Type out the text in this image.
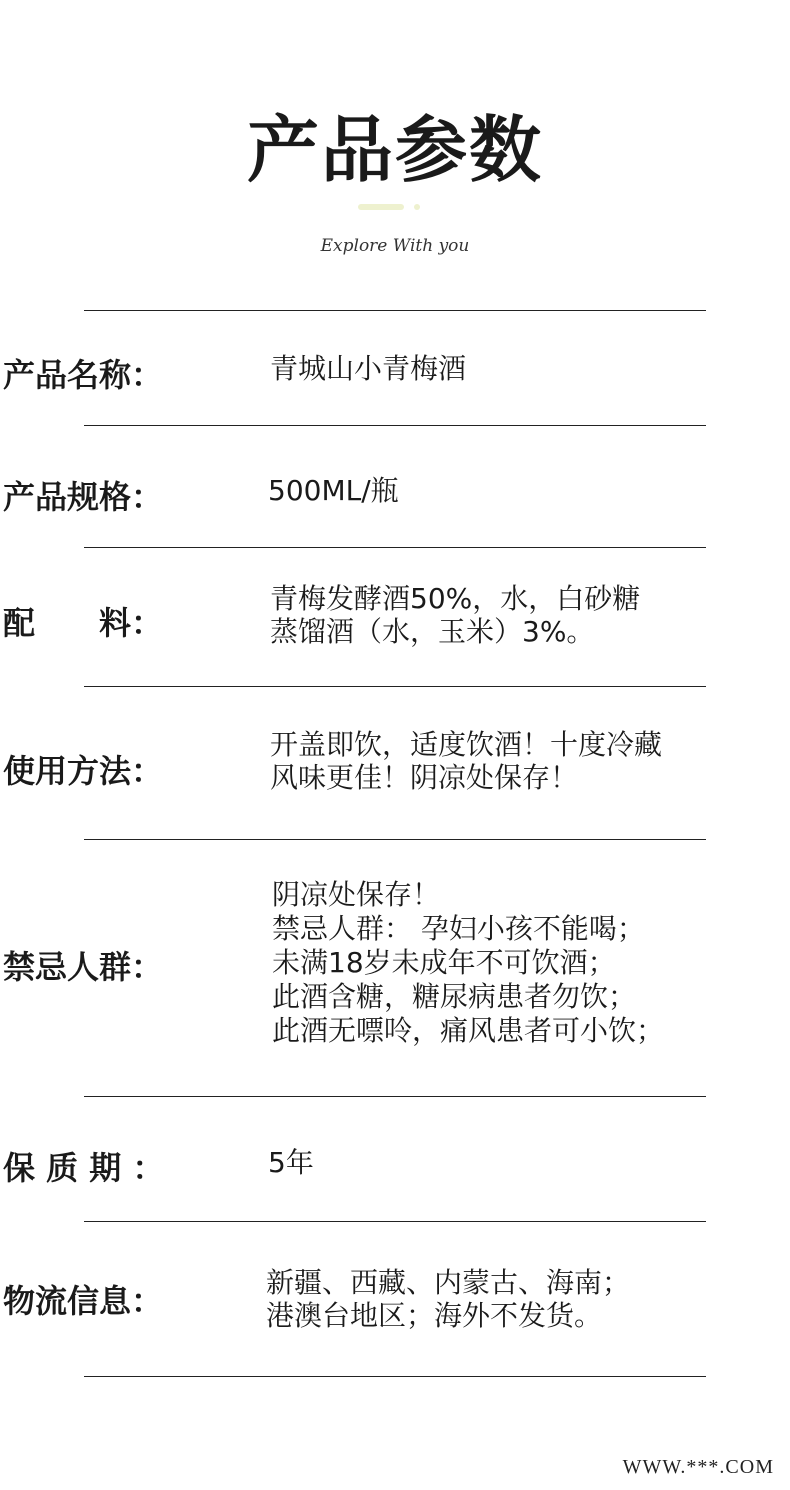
产品参数
Explore With you
产品名称：	青城山小青梅酒
产品规格：	500ML/瓶
配　　料：
青梅发酵酒50%，水，白砂糖
蒸馏酒（水，玉米）3%。
使用方法：
开盖即饮，适度饮酒！十度冷藏
风味更佳！阴凉处保存！
禁忌人群：
阴凉处保存！
禁忌人群： 孕妇小孩不能喝；
未满18岁未成年不可饮酒；
此酒含糖，糖尿病患者勿饮；
此酒无嘌呤，痛风患者可小饮；
保 质 期 ：	5年
物流信息：	新疆、西藏、内蒙古、海南；
港澳台地区；海外不发货。
WWW.***.COM
